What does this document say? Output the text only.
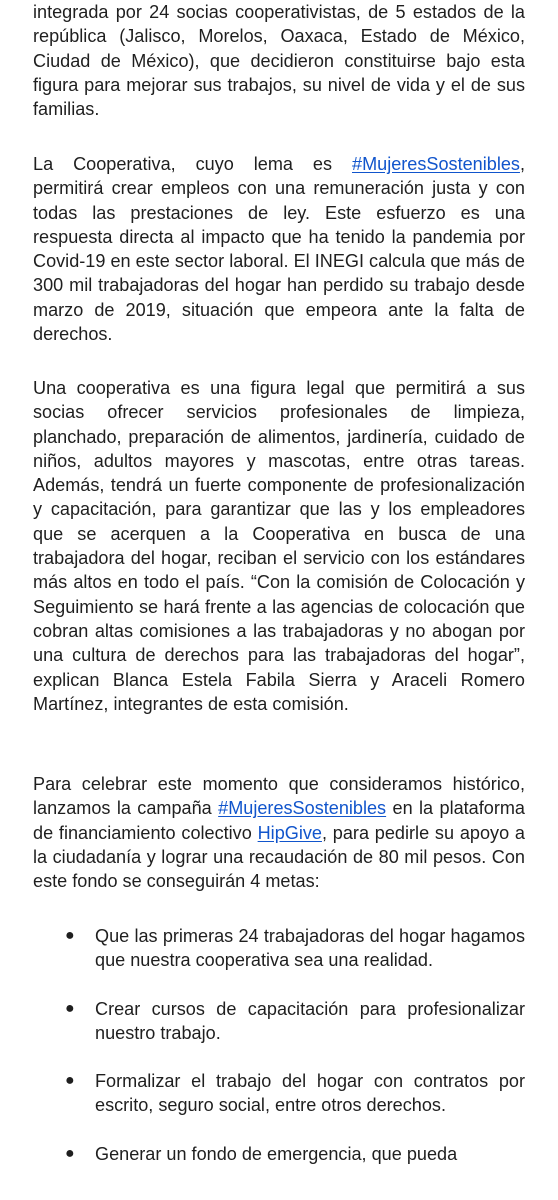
integrada por 24 socias cooperativistas, de 5 estados de la república (Jalisco, Morelos, Oaxaca, Estado de México, Ciudad de México), que decidieron constituirse bajo esta figura para mejorar sus trabajos, su nivel de vida y el de sus familias.

La Cooperativa, cuyo lema es #MujeresSostenibles, permitirá crear empleos con una remuneración justa y con todas las prestaciones de ley. Este esfuerzo es una respuesta directa al impacto que ha tenido la pandemia por Covid-19 en este sector laboral. El INEGI calcula que más de 300 mil trabajadoras del hogar han perdido su trabajo desde marzo de 2019, situación que empeora ante la falta de derechos.

Una cooperativa es una figura legal que permitirá a sus socias ofrecer servicios profesionales de limpieza, planchado, preparación de alimentos, jardinería, cuidado de niños, adultos mayores y mascotas, entre otras tareas. Además, tendrá un fuerte componente de profesionalización y capacitación, para garantizar que las y los empleadores que se acerquen a la Cooperativa en busca de una trabajadora del hogar, reciban el servicio con los estándares más altos en todo el país. “Con la comisión de Colocación y Seguimiento se hará frente a las agencias de colocación que cobran altas comisiones a las trabajadoras y no abogan por una cultura de derechos para las trabajadoras del hogar”, explican Blanca Estela Fabila Sierra y Araceli Romero Martínez, integrantes de esta comisión.

Para celebrar este momento que consideramos histórico, lanzamos la campaña #MujeresSostenibles en la plataforma de financiamiento colectivo HipGive, para pedirle su apoyo a la ciudadanía y lograr una recaudación de 80 mil pesos. Con este fondo se conseguirán 4 metas:

● Que las primeras 24 trabajadoras del hogar hagamos que nuestra cooperativa sea una realidad.
● Crear cursos de capacitación para profesionalizar nuestro trabajo.
● Formalizar el trabajo del hogar con contratos por escrito, seguro social, entre otros derechos.
● Generar un fondo de emergencia, que pueda
